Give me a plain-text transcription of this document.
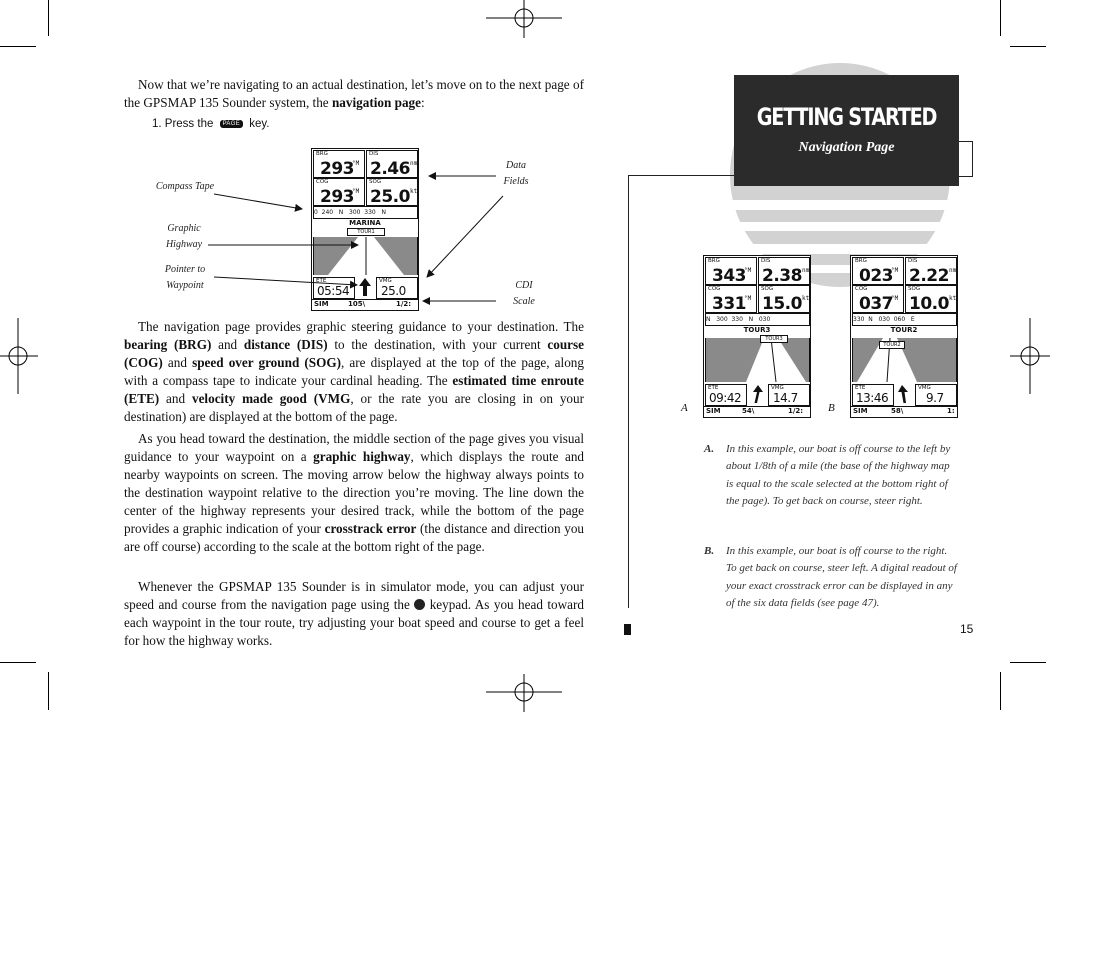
Now that we’re navigating to an actual destination, let’s move on to the next page of the GPSMAP 135 Sounder system, the navigation page:

1. Press the PAGE key.
BRG
293
°M
DIS
2.46 nm
COG
293
°M
SOG
25.0 kt
0  240   N   300  330   N
MARINA
TOUR1
ETE
05:54
VMG
25.0
SIM	105\	1/2:
Compass Tape
Graphic
Highway
Pointer to
Waypoint
Data
Fields
CDI
Scale

The navigation page provides graphic steering guidance to your destination. The bearing (BRG) and distance (DIS) to the destination, with your current course (COG) and speed over ground (SOG), are displayed at the top of the page, along with a compass tape to indicate your cardinal heading. The estimated time enroute (ETE) and velocity made good (VMG, or the rate you are closing in on your destination) are displayed at the bottom of the page.

As you head toward the destination, the middle section of the page gives you visual guidance to your waypoint on a graphic highway, which displays the route and nearby waypoints on screen. The moving arrow below the highway always points to the destination waypoint relative to the direction you’re moving. The line down the center of the highway represents your desired track, while the bottom of the page provides a graphic indication of your crosstrack error (the distance and direction you are off course) according to the scale at the bottom right of the page.

Whenever the GPSMAP 135 Sounder is in simulator mode, you can adjust your speed and course from the navigation page using the keypad. As you head toward each waypoint in the tour route, try adjusting your boat speed and course to get a feel for how the highway works.

GETTING STARTED
Navigation Page
BRG
343
°M
DIS
2.38 nm
COG
331
°M
SOG
15.0 kt
N   300  330   N   030
TOUR3
TOUR3
ETE
09:42
VMG
14.7
SIM	54\	1/2:
A
BRG
023
°M
DIS
2.22 nm
COG
037
°M
SOG
10.0 kt
330  N   030  060   E
TOUR2
TOUR2
ETE
13:46
VMG
9.7
SIM	58\	1:
B
A. In this example, our boat is off course to the left by about 1/8th of a mile (the base of the highway map is equal to the scale selected at the bottom right of the page). To get back on course, steer right.
B. In this example, our boat is off course to the right. To get back on course, steer left. A digital readout of your exact crosstrack error can be displayed in any of the six data fields (see page 47).
15
